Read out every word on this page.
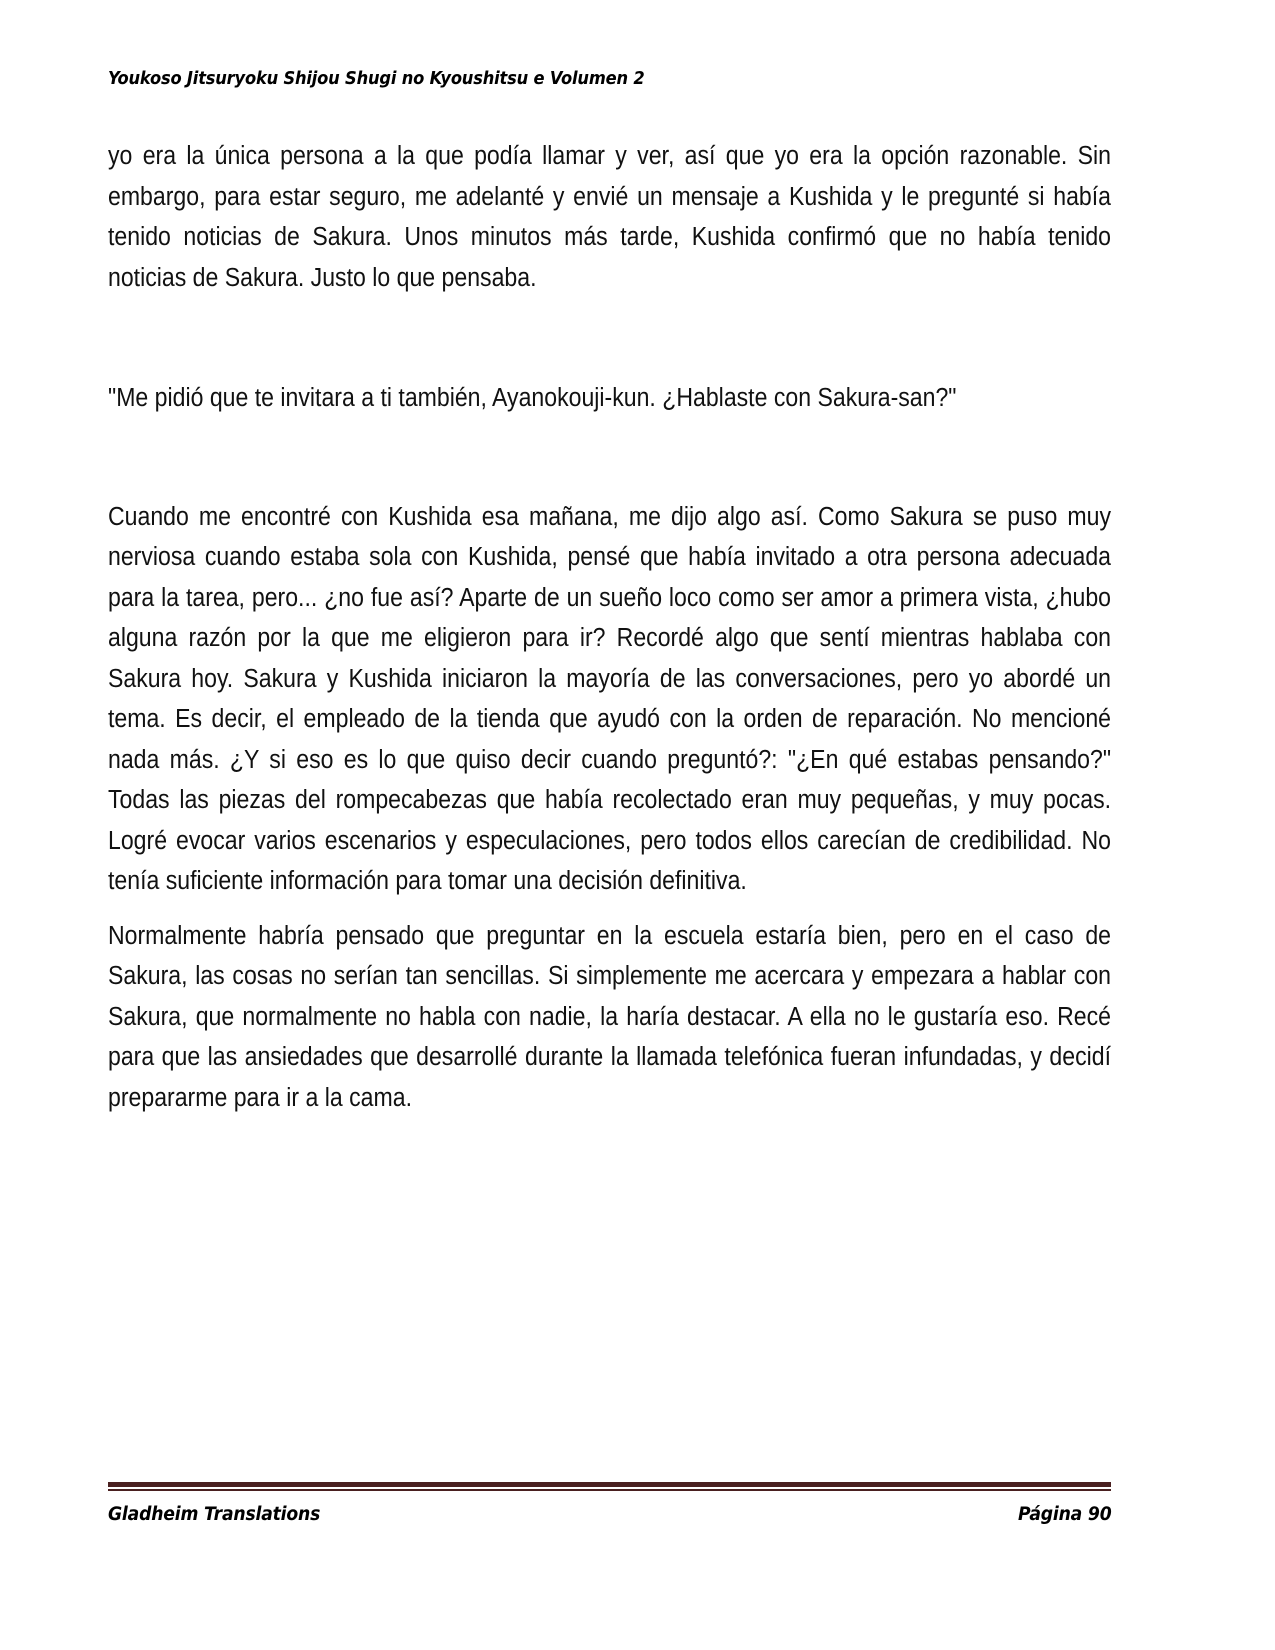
Youkoso Jitsuryoku Shijou Shugi no Kyoushitsu e Volumen 2

yo era la única persona a la que podía llamar y ver, así que yo era la opción razonable. Sin embargo, para estar seguro, me adelanté y envié un mensaje a Kushida y le pregunté si había tenido noticias de Sakura. Unos minutos más tarde, Kushida confirmó que no había tenido noticias de Sakura. Justo lo que pensaba.

"Me pidió que te invitara a ti también, Ayanokouji-kun. ¿Hablaste con Sakura-san?"

Cuando me encontré con Kushida esa mañana, me dijo algo así. Como Sakura se puso muy nerviosa cuando estaba sola con Kushida, pensé que había invitado a otra persona adecuada para la tarea, pero... ¿no fue así? Aparte de un sueño loco como ser amor a primera vista, ¿hubo alguna razón por la que me eligieron para ir? Recordé algo que sentí mientras hablaba con Sakura hoy. Sakura y Kushida iniciaron la mayoría de las conversaciones, pero yo abordé un tema. Es decir, el empleado de la tienda que ayudó con la orden de reparación. No mencioné nada más. ¿Y si eso es lo que quiso decir cuando preguntó?: "¿En qué estabas pensando?" Todas las piezas del rompecabezas que había recolectado eran muy pequeñas, y muy pocas. Logré evocar varios escenarios y especulaciones, pero todos ellos carecían de credibilidad. No tenía suficiente información para tomar una decisión definitiva.

Normalmente habría pensado que preguntar en la escuela estaría bien, pero en el caso de Sakura, las cosas no serían tan sencillas. Si simplemente me acercara y empezara a hablar con Sakura, que normalmente no habla con nadie, la haría destacar. A ella no le gustaría eso. Recé para que las ansiedades que desarrollé durante la llamada telefónica fueran infundadas, y decidí prepararme para ir a la cama.

Gladheim Translations	Página 90
